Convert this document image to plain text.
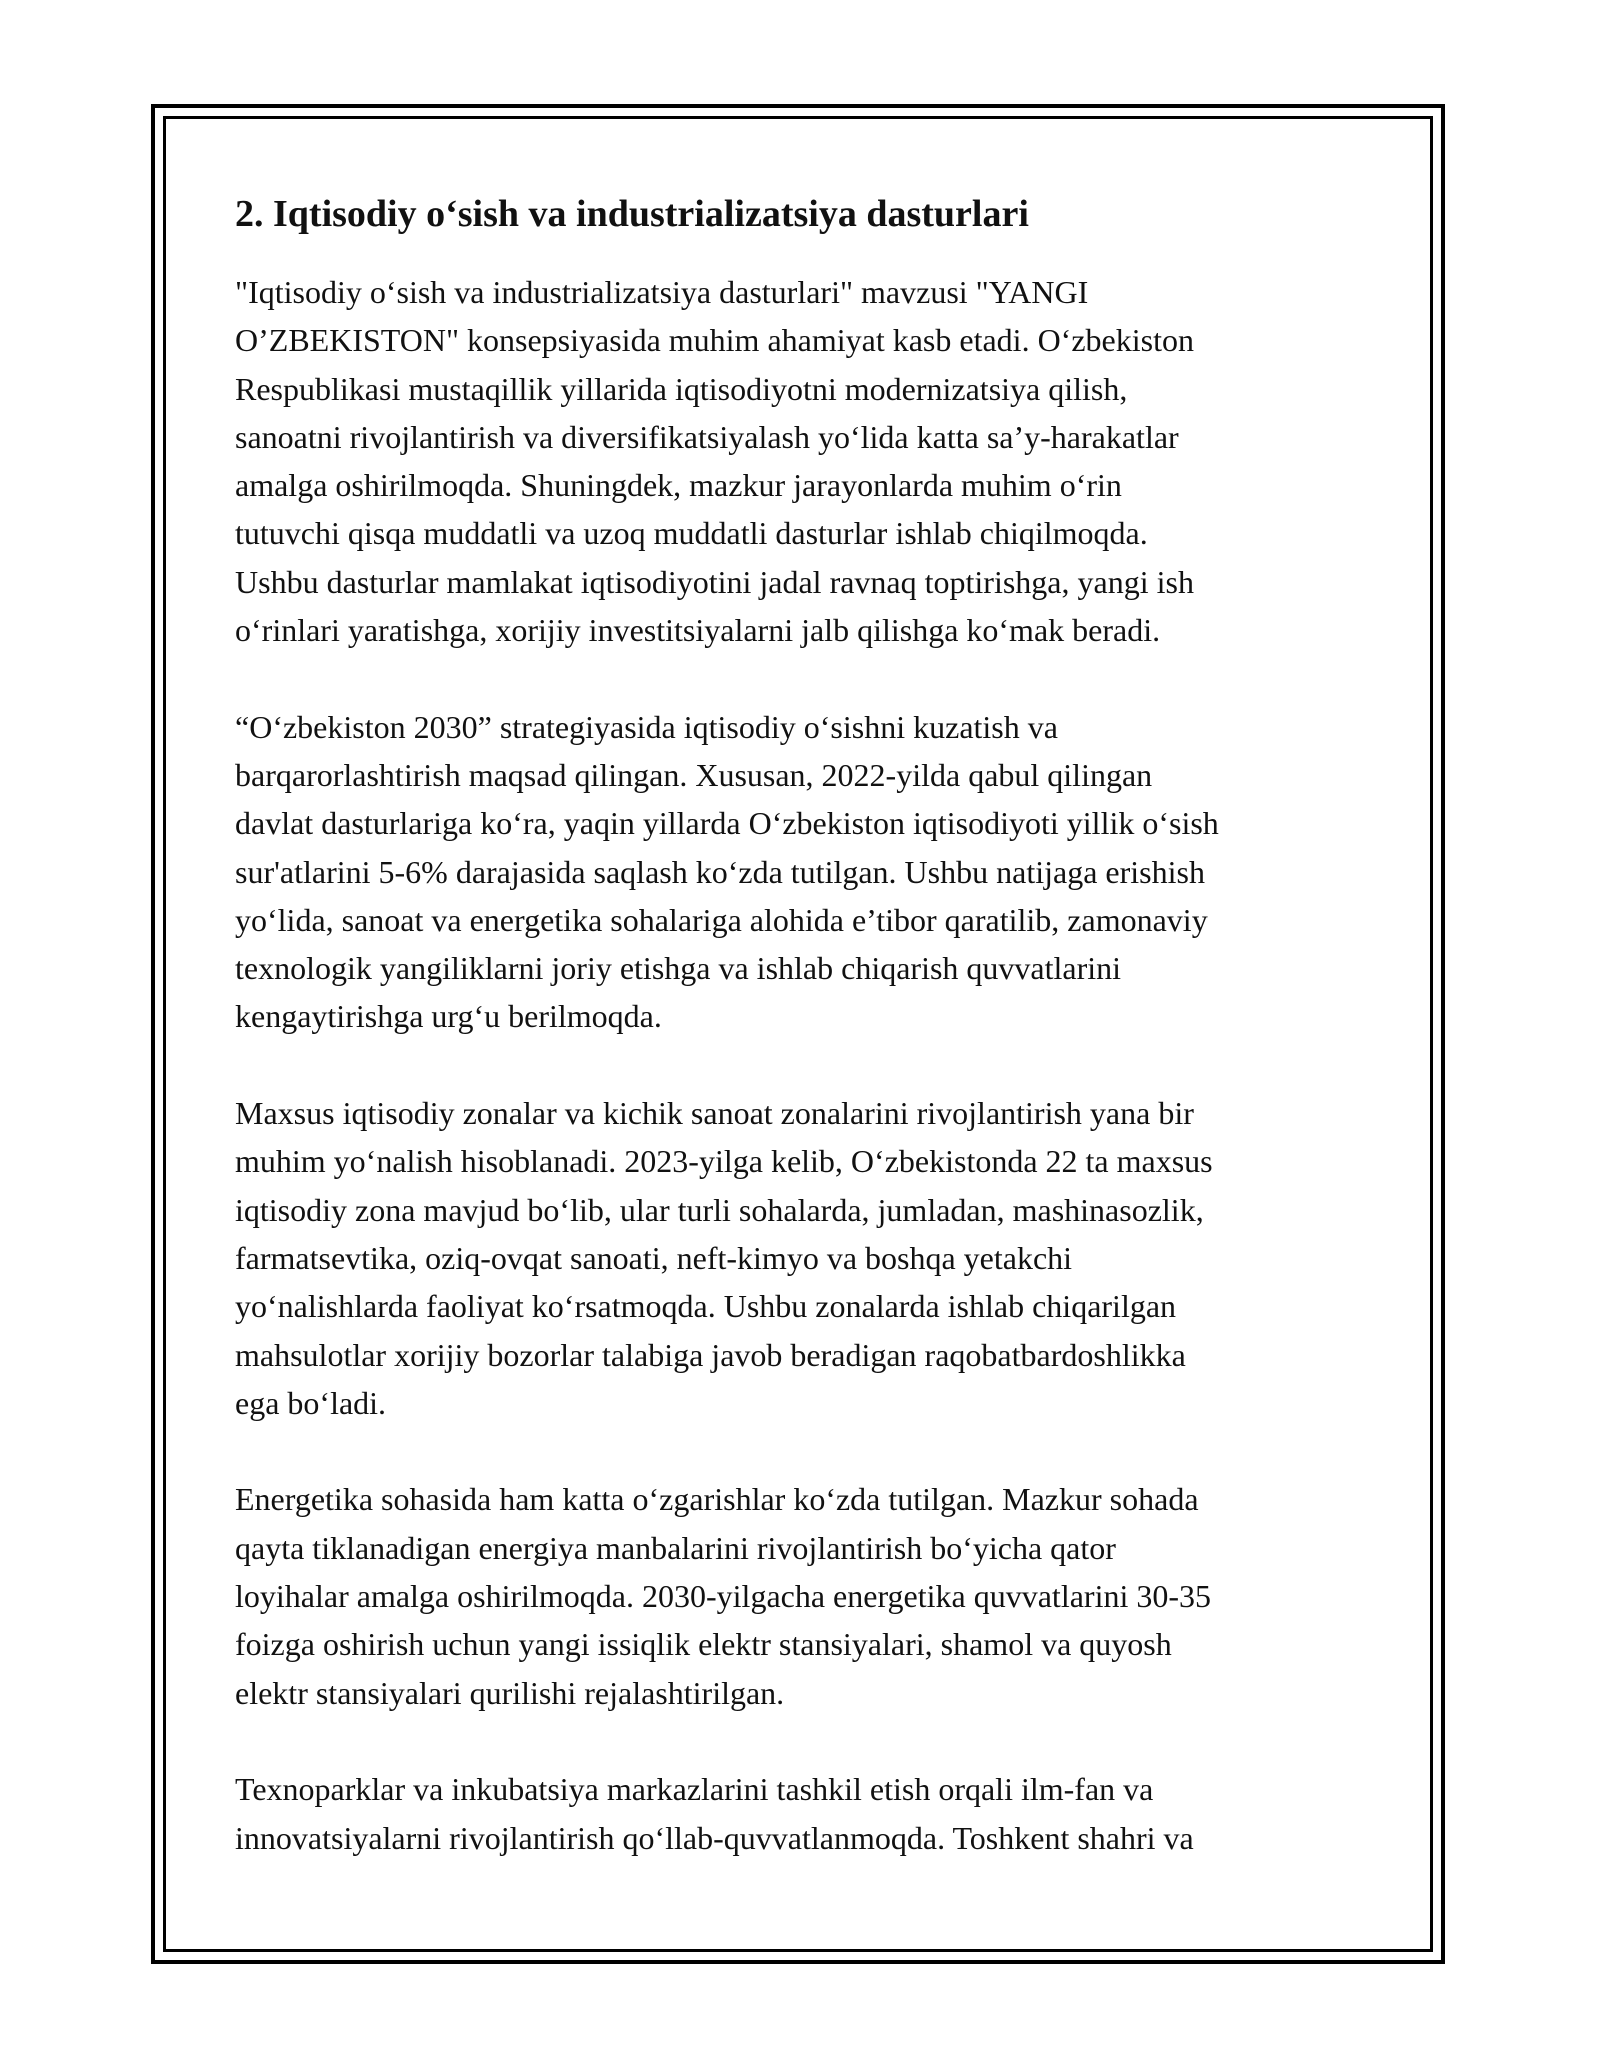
2. Iqtisodiy o‘sish va industrializatsiya dasturlari
"Iqtisodiy o‘sish va industrializatsiya dasturlari" mavzusi "YANGI
O’ZBEKISTON" konsepsiyasida muhim ahamiyat kasb etadi. O‘zbekiston
Respublikasi mustaqillik yillarida iqtisodiyotni modernizatsiya qilish,
sanoatni rivojlantirish va diversifikatsiyalash yo‘lida katta sa’y-harakatlar
amalga oshirilmoqda. Shuningdek, mazkur jarayonlarda muhim o‘rin
tutuvchi qisqa muddatli va uzoq muddatli dasturlar ishlab chiqilmoqda.
Ushbu dasturlar mamlakat iqtisodiyotini jadal ravnaq toptirishga, yangi ish
o‘rinlari yaratishga, xorijiy investitsiyalarni jalb qilishga ko‘mak beradi.
“O‘zbekiston 2030” strategiyasida iqtisodiy o‘sishni kuzatish va
barqarorlashtirish maqsad qilingan. Xususan, 2022-yilda qabul qilingan
davlat dasturlariga ko‘ra, yaqin yillarda O‘zbekiston iqtisodiyoti yillik o‘sish
sur'atlarini 5-6% darajasida saqlash ko‘zda tutilgan. Ushbu natijaga erishish
yo‘lida, sanoat va energetika sohalariga alohida e’tibor qaratilib, zamonaviy
texnologik yangiliklarni joriy etishga va ishlab chiqarish quvvatlarini
kengaytirishga urg‘u berilmoqda.
Maxsus iqtisodiy zonalar va kichik sanoat zonalarini rivojlantirish yana bir
muhim yo‘nalish hisoblanadi. 2023-yilga kelib, O‘zbekistonda 22 ta maxsus
iqtisodiy zona mavjud bo‘lib, ular turli sohalarda, jumladan, mashinasozlik,
farmatsevtika, oziq-ovqat sanoati, neft-kimyo va boshqa yetakchi
yo‘nalishlarda faoliyat ko‘rsatmoqda. Ushbu zonalarda ishlab chiqarilgan
mahsulotlar xorijiy bozorlar talabiga javob beradigan raqobatbardoshlikka
ega bo‘ladi.
Energetika sohasida ham katta o‘zgarishlar ko‘zda tutilgan. Mazkur sohada
qayta tiklanadigan energiya manbalarini rivojlantirish bo‘yicha qator
loyihalar amalga oshirilmoqda. 2030-yilgacha energetika quvvatlarini 30-35
foizga oshirish uchun yangi issiqlik elektr stansiyalari, shamol va quyosh
elektr stansiyalari qurilishi rejalashtirilgan.
Texnoparklar va inkubatsiya markazlarini tashkil etish orqali ilm-fan va
innovatsiyalarni rivojlantirish qo‘llab-quvvatlanmoqda. Toshkent shahri va
